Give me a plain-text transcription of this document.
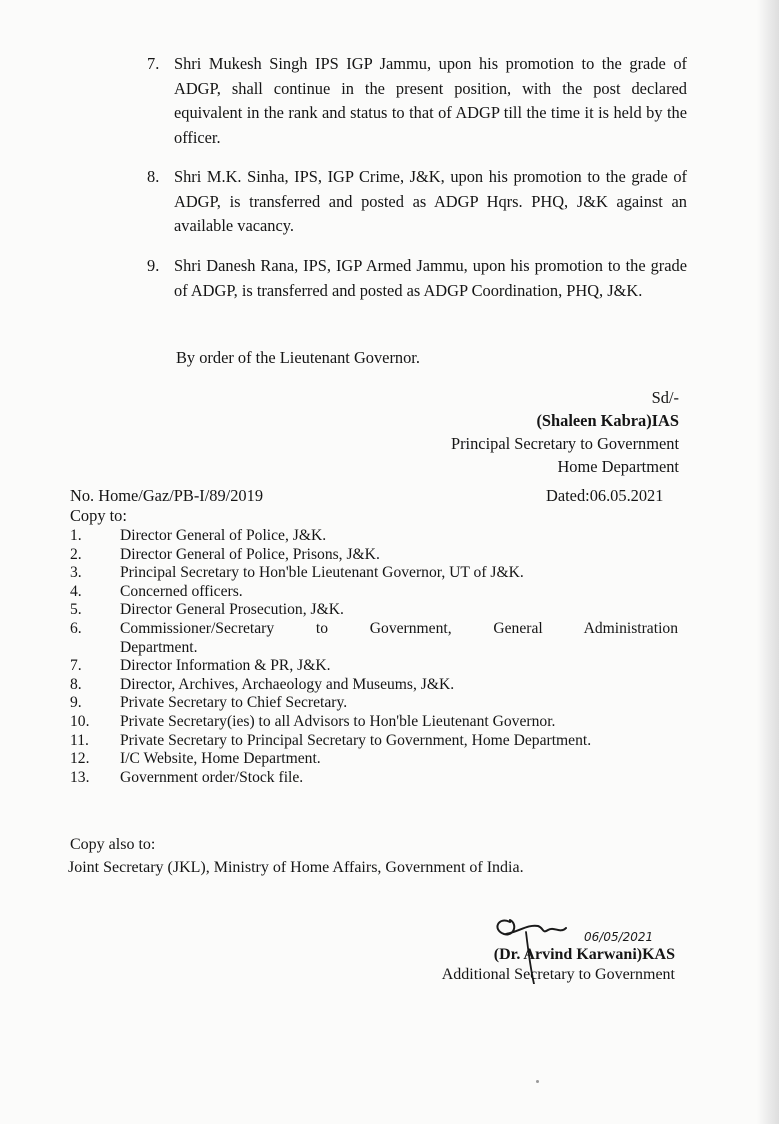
7. Shri Mukesh Singh IPS IGP Jammu, upon his promotion to the grade of ADGP, shall continue in the present position, with the post declared equivalent in the rank and status to that of ADGP till the time it is held by the officer.
8. Shri M.K. Sinha, IPS, IGP Crime, J&K, upon his promotion to the grade of ADGP, is transferred and posted as ADGP Hqrs. PHQ, J&K against an available vacancy.
9. Shri Danesh Rana, IPS, IGP Armed Jammu, upon his promotion to the grade of ADGP, is transferred and posted as ADGP Coordination, PHQ, J&K.
By order of the Lieutenant Governor.
Sd/-
(Shaleen Kabra)IAS
Principal Secretary to Government
Home Department
No. Home/Gaz/PB-I/89/2019	Dated:06.05.2021
Copy to:
1.	Director General of Police, J&K.
2.	Director General of Police, Prisons, J&K.
3.	Principal Secretary to Hon'ble Lieutenant Governor, UT of J&K.
4.	Concerned officers.
5.	Director General Prosecution, J&K.
6.	Commissioner/Secretary to Government, General Administration
Department.
7.	Director Information & PR, J&K.
8.	Director, Archives, Archaeology and Museums, J&K.
9.	Private Secretary to Chief Secretary.
10.	Private Secretary(ies) to all Advisors to Hon'ble Lieutenant Governor.
11.	Private Secretary to Principal Secretary to Government, Home Department.
12.	I/C Website, Home Department.
13.	Government order/Stock file.
Copy also to:
Joint Secretary (JKL), Ministry of Home Affairs, Government of India.
06/05/2021
(Dr. Arvind Karwani)KAS
Additional Secretary to Government
